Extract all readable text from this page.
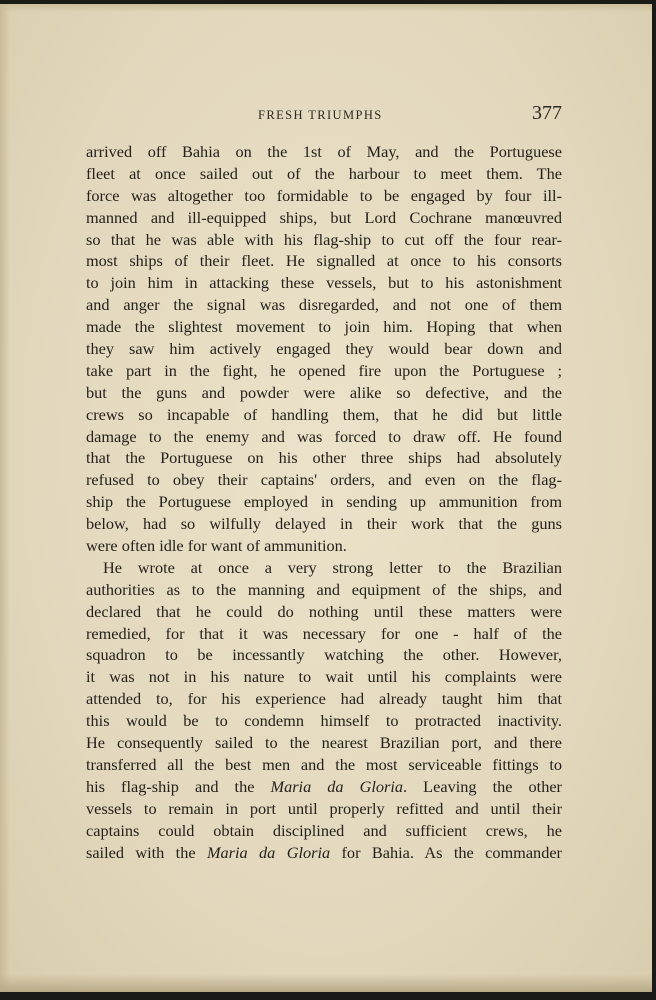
FRESH TRIUMPHS	377
arrived off Bahia on the 1st of May, and the Portuguese
fleet at once sailed out of the harbour to meet them. The
force was altogether too formidable to be engaged by four ill-
manned and ill-equipped ships, but Lord Cochrane manœuvred
so that he was able with his flag-ship to cut off the four rear-
most ships of their fleet. He signalled at once to his consorts
to join him in attacking these vessels, but to his astonishment
and anger the signal was disregarded, and not one of them
made the slightest movement to join him. Hoping that when
they saw him actively engaged they would bear down and
take part in the fight, he opened fire upon the Portuguese ;
but the guns and powder were alike so defective, and the
crews so incapable of handling them, that he did but little
damage to the enemy and was forced to draw off. He found
that the Portuguese on his other three ships had absolutely
refused to obey their captains' orders, and even on the flag-
ship the Portuguese employed in sending up ammunition from
below, had so wilfully delayed in their work that the guns
were often idle for want of ammunition.
He wrote at once a very strong letter to the Brazilian
authorities as to the manning and equipment of the ships, and
declared that he could do nothing until these matters were
remedied, for that it was necessary for one - half of the
squadron to be incessantly watching the other. However,
it was not in his nature to wait until his complaints were
attended to, for his experience had already taught him that
this would be to condemn himself to protracted inactivity.
He consequently sailed to the nearest Brazilian port, and there
transferred all the best men and the most serviceable fittings to
his flag-ship and the Maria da Gloria. Leaving the other
vessels to remain in port until properly refitted and until their
captains could obtain disciplined and sufficient crews, he
sailed with the Maria da Gloria for Bahia. As the commander
